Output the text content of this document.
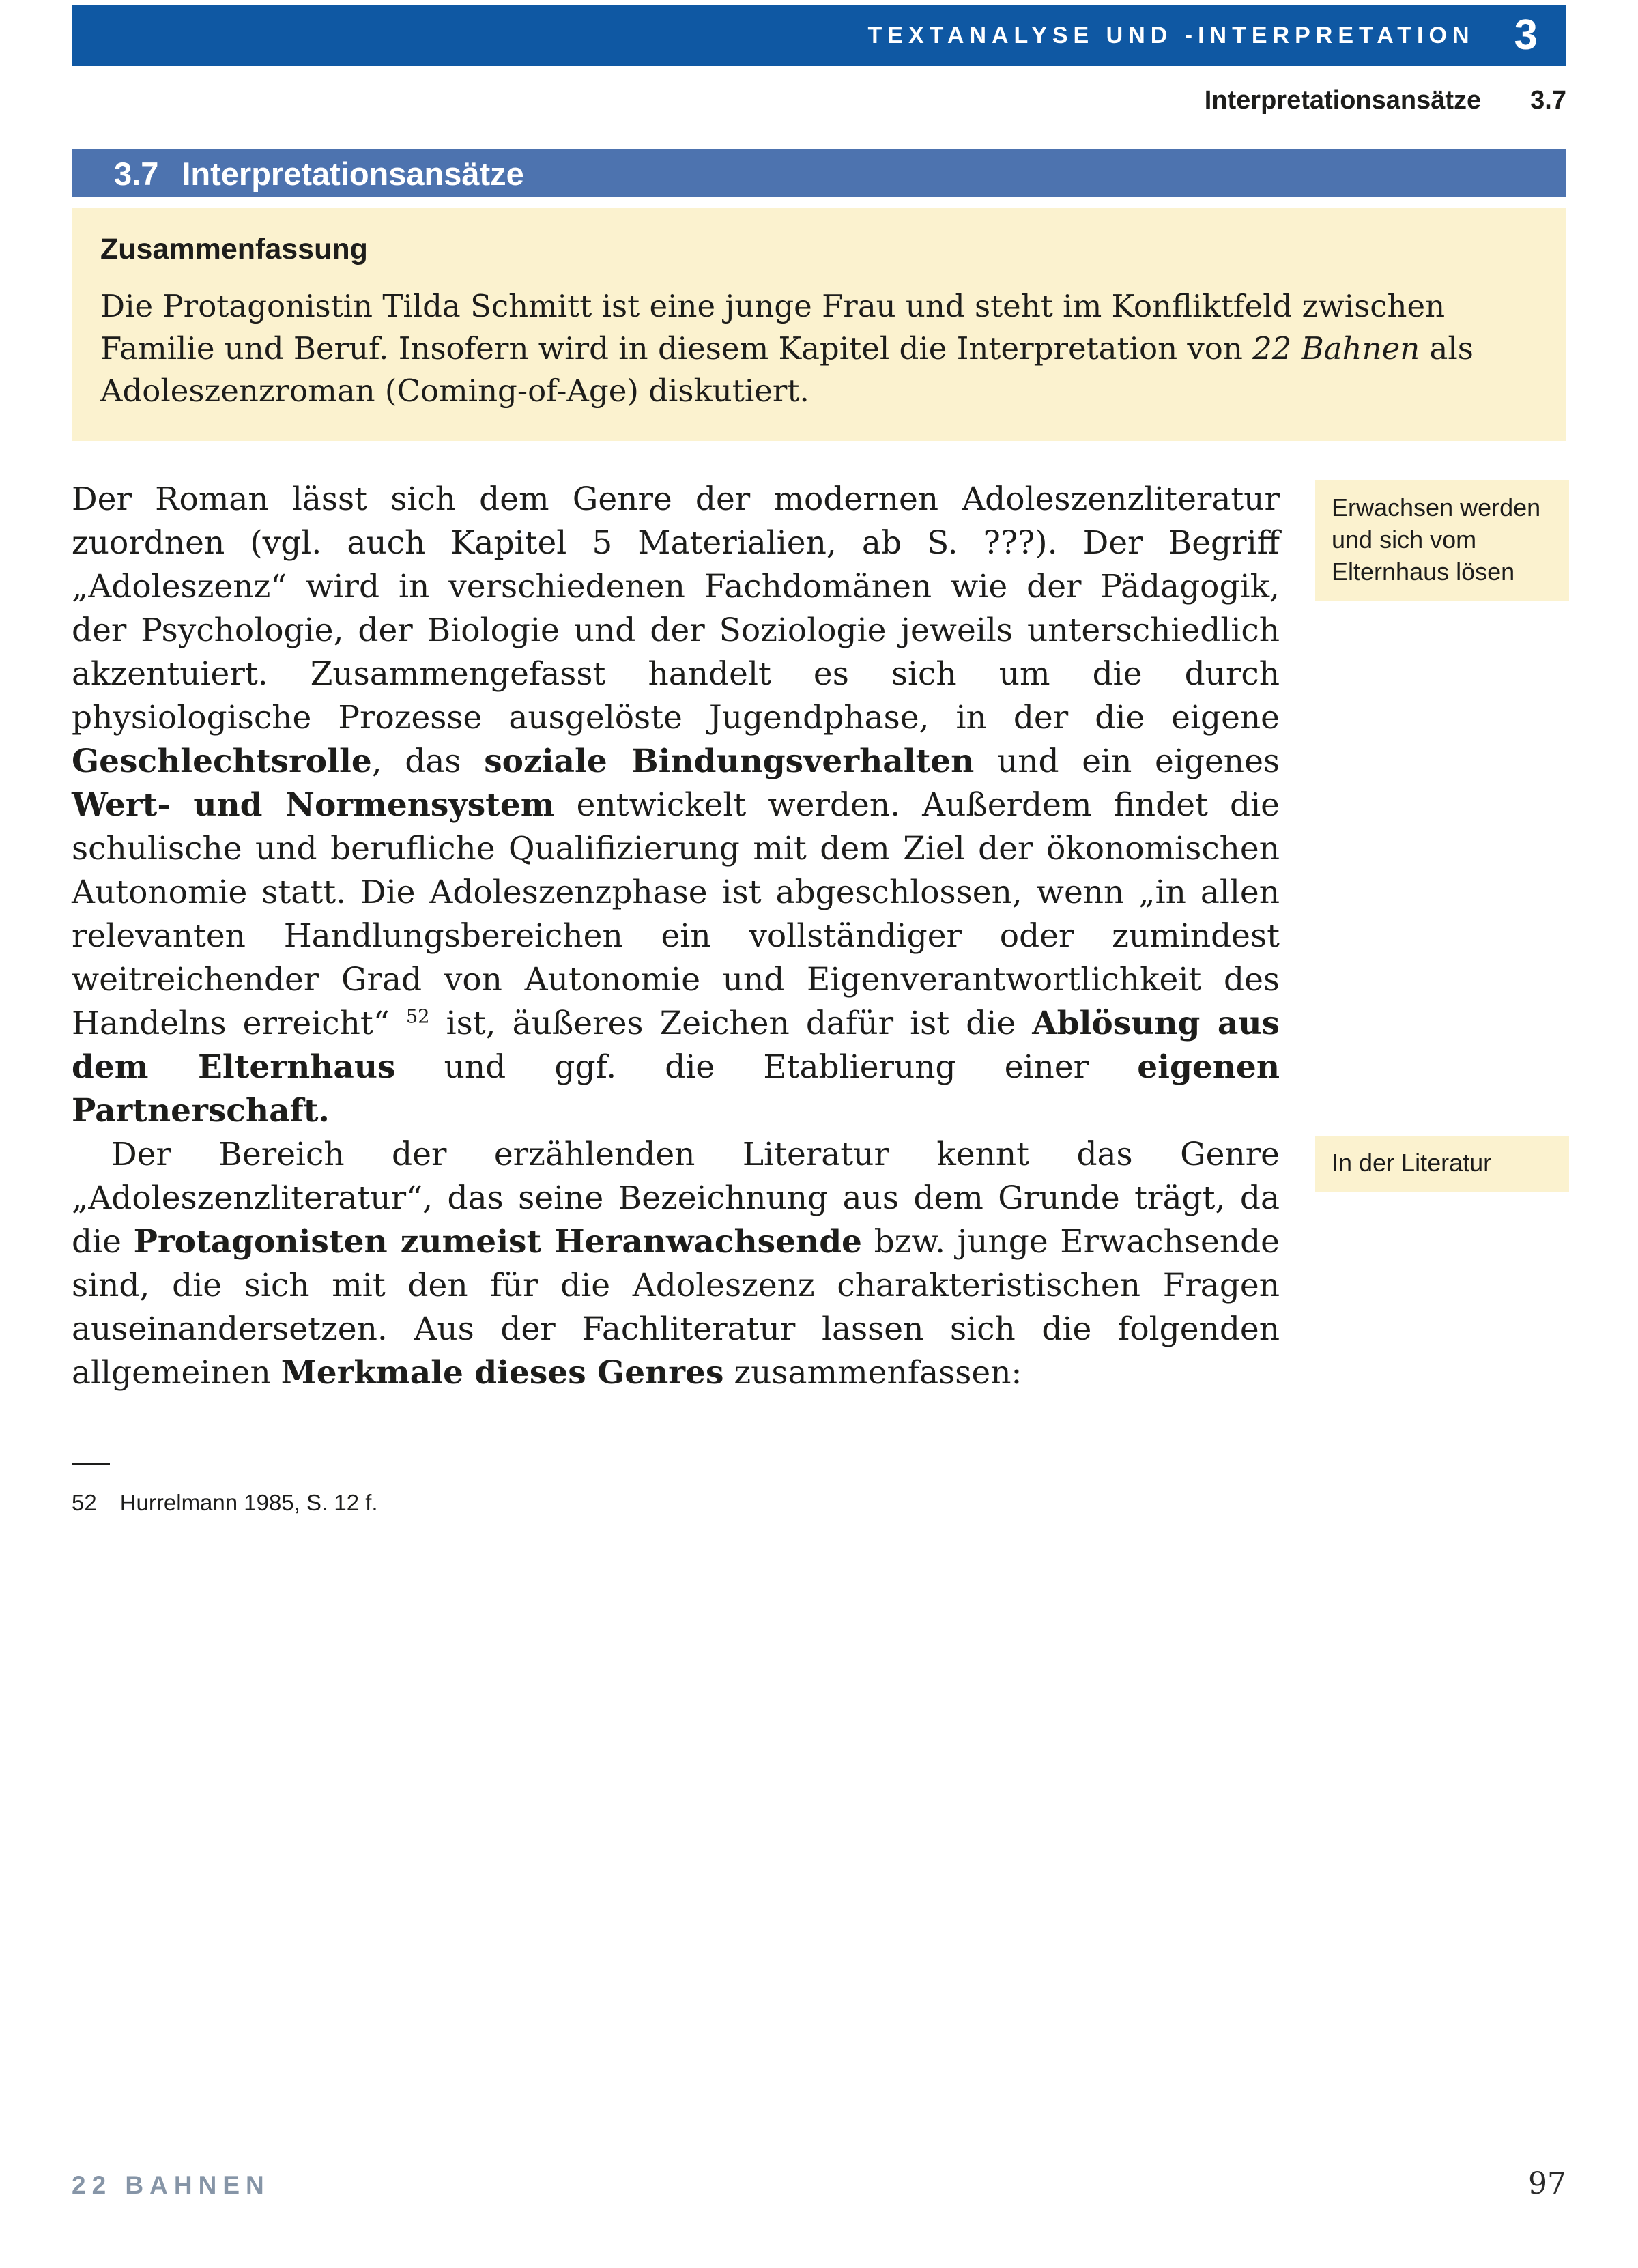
TEXTANALYSE UND -INTERPRETATION 3
Interpretationsansätze 3.7
3.7 Interpretationsansätze
Zusammenfassung
Die Protagonistin Tilda Schmitt ist eine junge Frau und steht im Konfliktfeld zwischen Familie und Beruf. Insofern wird in diesem Kapitel die Interpretation von 22 Bahnen als Adoleszenzroman (Coming-of-Age) diskutiert.

Der Roman lässt sich dem Genre der modernen Adoleszenzliteratur zuordnen (vgl. auch Kapitel 5 Materialien, ab S. ???). Der Begriff „Adoleszenz“ wird in verschiedenen Fachdomänen wie der Pädagogik, der Psychologie, der Biologie und der Soziologie jeweils unterschiedlich akzentuiert. Zusammengefasst handelt es sich um die durch physiologische Prozesse ausgelöste Jugendphase, in der die eigene Geschlechtsrolle, das soziale Bindungsverhalten und ein eigenes Wert- und Normensystem entwickelt werden. Außerdem findet die schulische und berufliche Qualifizierung mit dem Ziel der ökonomischen Autonomie statt. Die Adoleszenzphase ist abgeschlossen, wenn „in allen relevanten Handlungsbereichen ein vollständiger oder zumindest weitreichender Grad von Autonomie und Eigenverantwortlichkeit des Handelns erreicht“ $^{52}$ ist, äußeres Zeichen dafür ist die Ablösung aus dem Elternhaus und ggf. die Etablierung einer eigenen Partnerschaft.

Erwachsen werden und sich vom Elternhaus lösen

Der Bereich der erzählenden Literatur kennt das Genre „Adoleszenzliteratur“, das seine Bezeichnung aus dem Grunde trägt, da die Protagonisten zumeist Heranwachsende bzw. junge Erwachsende sind, die sich mit den für die Adoleszenz charakteristischen Fragen auseinandersetzen. Aus der Fachliteratur lassen sich die folgenden allgemeinen Merkmale dieses Genres zusammenfassen:

In der Literatur
52 Hurrelmann 1985, S. 12 f.
22 BAHNEN	97
